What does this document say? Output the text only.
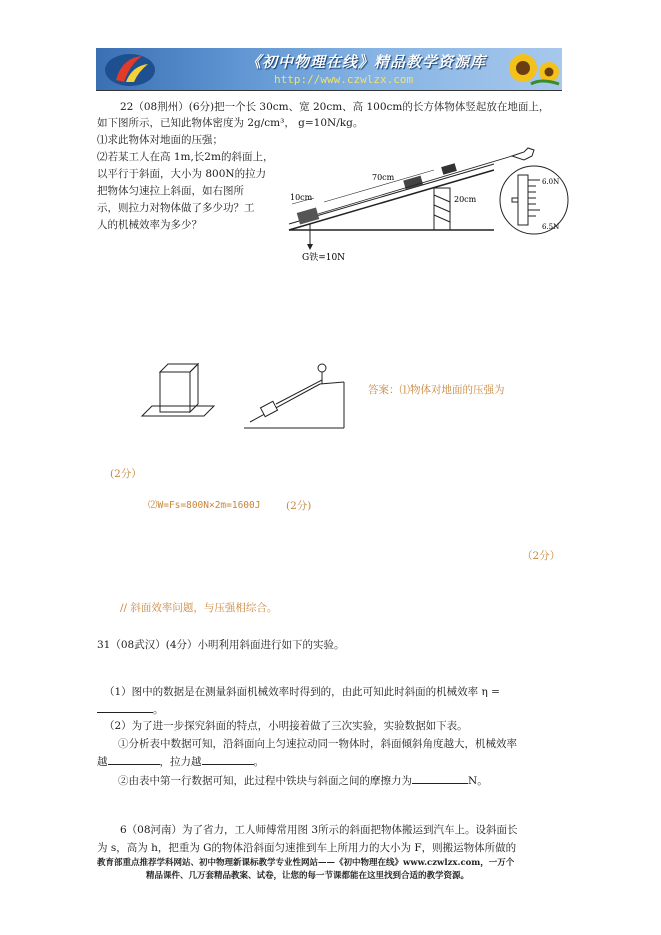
《初中物理在线》精品教学资源库
http://www.czwlzx.com
22（08荆州）(6分)把一个长 30cm、宽 20cm、高 100cm的长方体物体竖起放在地面上，
如下图所示，已知此物体密度为 2g/cm³， g=10N/kg。
⑴求此物体对地面的压强；
⑵若某工人在高 1m,长2m的斜面上，
以平行于斜面，大小为 800N的拉力
把物体匀速拉上斜面，如右图所
示，则拉力对物体做了多少功？工
人的机械效率为多少？
G铁=10N
10cm
70cm
20cm
6.0N
6.5N
答案：⑴物体对地面的压强为
(2分）
⑵W=Fs=800N×2m=1600J (2分)
（2分）
// 斜面效率问题，与压强相综合。
31（08武汉）(4分）小明利用斜面进行如下的实验。
（1）图中的数据是在测量斜面机械效率时得到的，由此可知此时斜面的机械效率 η =
。
（2）为了进一步探究斜面的特点，小明接着做了三次实验，实验数据如下表。
①分析表中数据可知，沿斜面向上匀速拉动同一物体时，斜面倾斜角度越大，机械效率
越	，拉力越	。
②由表中第一行数据可知，此过程中铁块与斜面之间的摩擦力为	N。
6（08河南）为了省力，工人师傅常用图 3所示的斜面把物体搬运到汽车上。设斜面长
为 s，高为 h，把重为 G的物体沿斜面匀速推到车上所用力的大小为 F，则搬运物体所做的
教育部重点推荐学科网站、初中物理新课标教学专业性网站——《初中物理在线》www.czwlzx.com，一万个
精品课件、几万套精品教案、试卷，让您的每一节课都能在这里找到合适的教学资源。
